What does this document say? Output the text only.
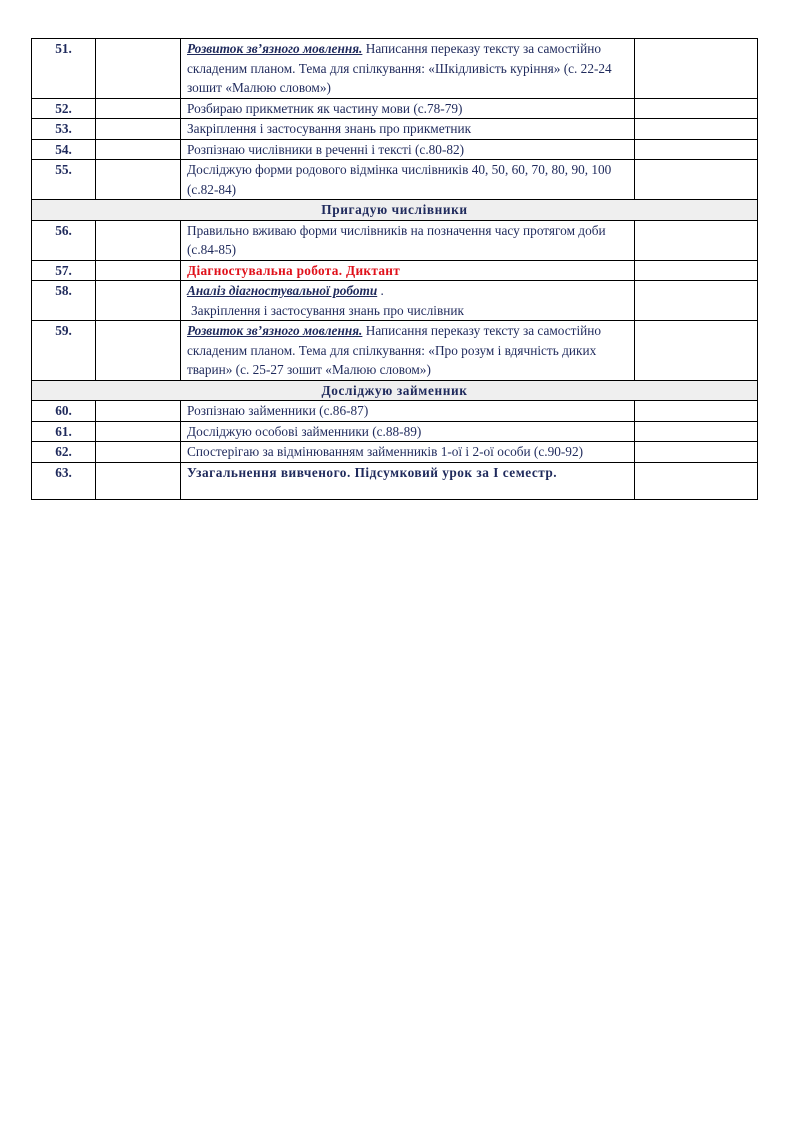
51.		Розвиток зв’язного мовлення. Написання переказу тексту за самостійно складеним планом. Тема для спілкування: «Шкідливість куріння» (с. 22-24 зошит «Малюю словом»)	
52.		Розбираю прикметник як частину мови (с.78-79)	
53.		Закріплення і застосування знань про прикметник	
54.		Розпізнаю числівники в реченні і тексті (с.80-82)	
55.		Досліджую форми родового відмінка числівників 40, 50, 60, 70, 80, 90, 100 (с.82-84)	
Пригадую числівники			
56.		Правильно вживаю форми числівників на позначення часу протягом доби (с.84-85)	
57.		Діагностувальна робота. Диктант	
58.		Аналіз діагностувальної роботи .
Закріплення і застосування знань про числівник	
59.		Розвиток зв’язного мовлення. Написання переказу тексту за самостійно складеним планом. Тема для спілкування: «Про розум і вдячність диких тварин» (с. 25-27 зошит «Малюю словом»)	
Досліджую займенник			
60.		Розпізнаю займенники (с.86-87)	
61.		Досліджую особові займенники (с.88-89)	
62.		Спостерігаю за відмінюванням займенників 1-ої і 2-ої особи (с.90-92)	
63.		Узагальнення вивченого. Підсумковий урок за І семестр.	
